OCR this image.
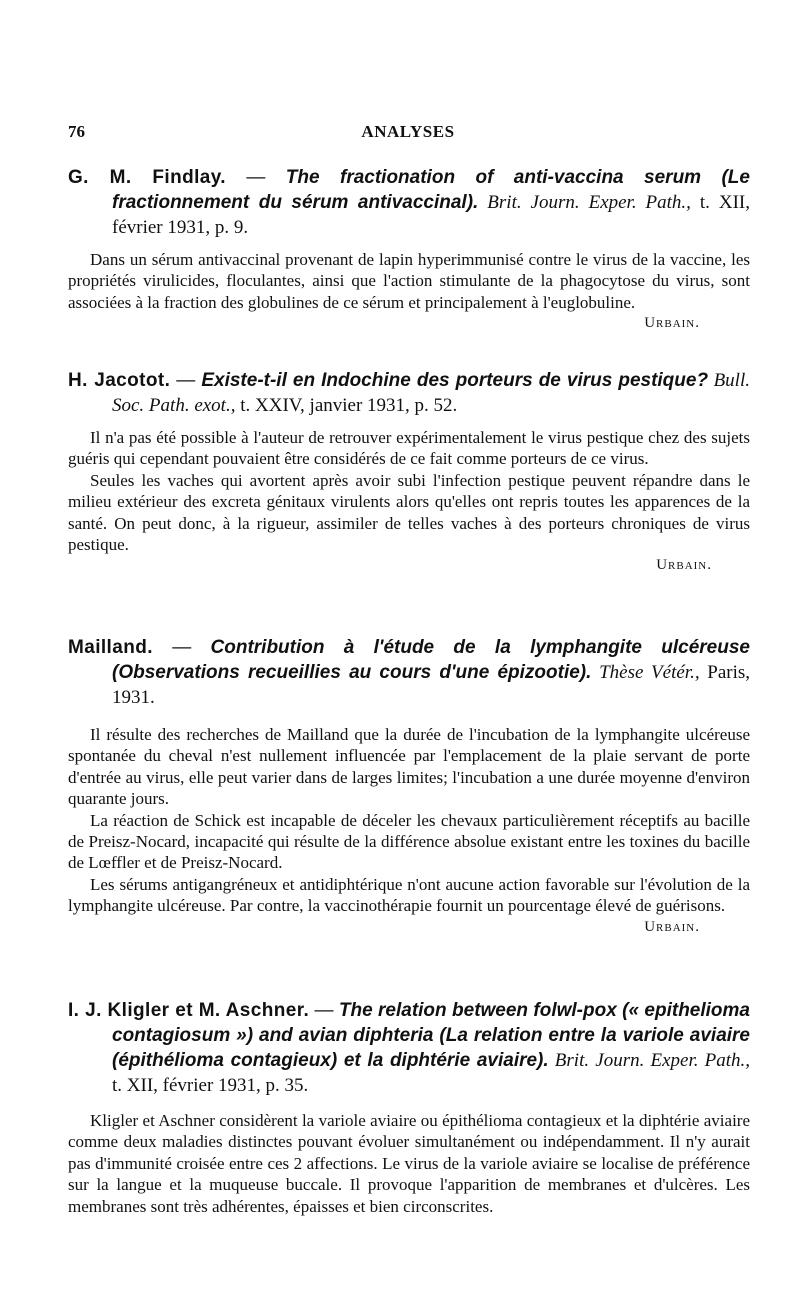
ANALYSES
76

G. M. Findlay. — The fractionation of anti-vaccina serum (Le fractionnement du sérum antivaccinal). Brit. Journ. Exper. Path., t. XII, février 1931, p. 9.

Dans un sérum antivaccinal provenant de lapin hyperimmunisé contre le virus de la vaccine, les propriétés virulicides, floculantes, ainsi que l'action stimulante de la phagocytose du virus, sont associées à la fraction des globulines de ce sérum et principalement à l'euglobuline.
Urbain.

H. Jacotot. — Existe-t-il en Indochine des porteurs de virus pestique? Bull. Soc. Path. exot., t. XXIV, janvier 1931, p. 52.

Il n'a pas été possible à l'auteur de retrouver expérimentalement le virus pestique chez des sujets guéris qui cependant pouvaient être considérés de ce fait comme porteurs de ce virus.

Seules les vaches qui avortent après avoir subi l'infection pestique peuvent répandre dans le milieu extérieur des excreta génitaux virulents alors qu'elles ont repris toutes les apparences de la santé. On peut donc, à la rigueur, assimiler de telles vaches à des porteurs chroniques de virus pestique.

Urbain.

Mailland. — Contribution à l'étude de la lymphangite ulcéreuse (Observations recueillies au cours d'une épizootie). Thèse Vétér., Paris, 1931.

Il résulte des recherches de Mailland que la durée de l'incubation de la lymphangite ulcéreuse spontanée du cheval n'est nullement influencée par l'emplacement de la plaie servant de porte d'entrée au virus, elle peut varier dans de larges limites; l'incubation a une durée moyenne d'environ quarante jours.

La réaction de Schick est incapable de déceler les chevaux particulièrement réceptifs au bacille de Preisz-Nocard, incapacité qui résulte de la différence absolue existant entre les toxines du bacille de Lœffler et de Preisz-Nocard.

Les sérums antigangréneux et antidiphtérique n'ont aucune action favorable sur l'évolution de la lymphangite ulcéreuse. Par contre, la vaccinothérapie fournit un pourcentage élevé de guérisons.
Urbain.

I. J. Kligler et M. Aschner. — The relation between folwl-pox (« epithelioma contagiosum ») and avian diphteria (La relation entre la variole aviaire (épithélioma contagieux) et la diphtérie aviaire). Brit. Journ. Exper. Path., t. XII, février 1931, p. 35.

Kligler et Aschner considèrent la variole aviaire ou épithélioma contagieux et la diphtérie aviaire comme deux maladies distinctes pouvant évoluer simultanément ou indépendamment. Il n'y aurait pas d'immunité croisée entre ces 2 affections. Le virus de la variole aviaire se localise de préférence sur la langue et la muqueuse buccale. Il provoque l'apparition de membranes et d'ulcères. Les membranes sont très adhérentes, épaisses et bien circonscrites.
